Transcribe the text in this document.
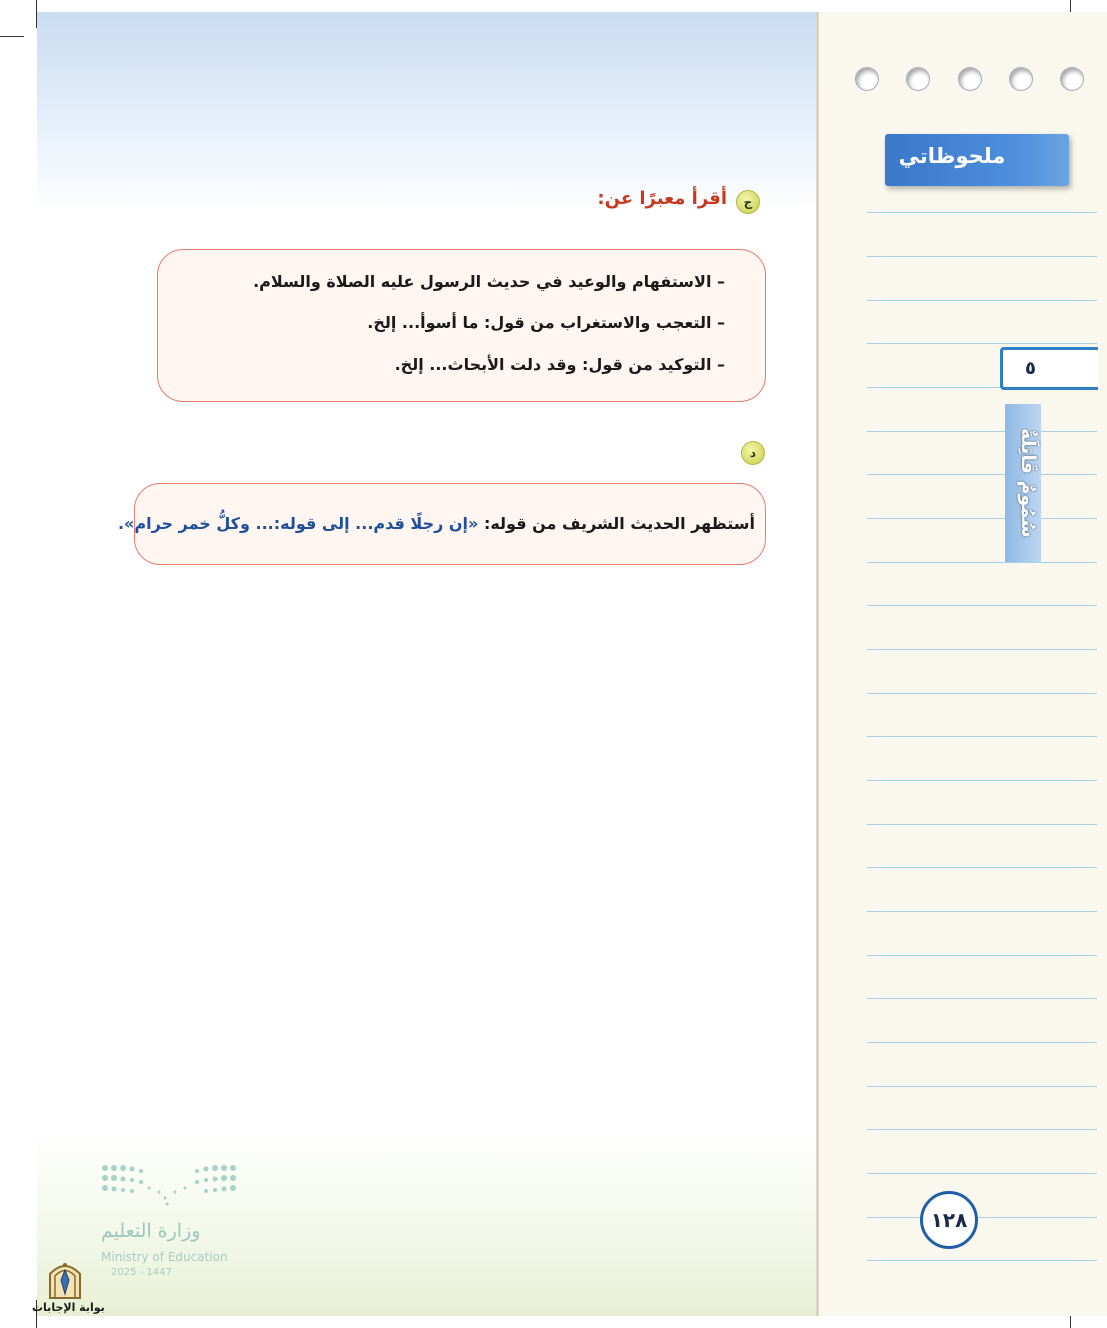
ج
أقرأ معبرًا عن:
– الاستفهام والوعيد في حديث الرسول عليه الصلاة والسلام.
– التعجب والاستغراب من قول: ما أسوأ... إلخ.
– التوكيد من قول: وقد دلت الأبحاث... إلخ.
د
أستظهر الحديث الشريف من قوله: «إن رجلًا قدم... إلى قوله:... وكلُّ خمر حرام».
وزارة التعليم
Ministry of Education
2025 - 1447
ملحوظاتي
٥
سُمُومٌ قَاتِلَةٌ
١٢٨
بوابة الإجابات
